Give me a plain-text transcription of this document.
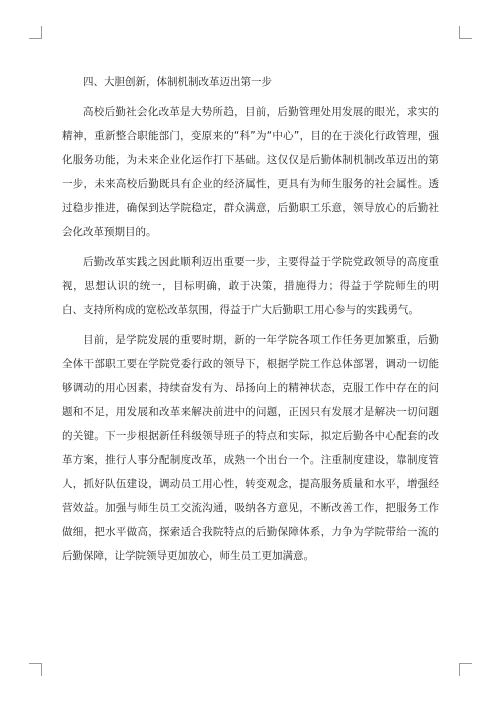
四、大胆创新，体制机制改革迈出第一步

高校后勤社会化改革是大势所趋，目前，后勤管理处用发展的眼光，求实的精神，重新整合职能部门，变原来的“科”为“中心”，目的在于淡化行政管理，强化服务功能，为未来企业化运作打下基础。这仅仅是后勤体制机制改革迈出的第一步，未来高校后勤既具有企业的经济属性，更具有为师生服务的社会属性。透过稳步推进，确保到达学院稳定，群众满意，后勤职工乐意，领导放心的后勤社会化改革预期目的。

后勤改革实践之因此顺利迈出重要一步，主要得益于学院党政领导的高度重视，思想认识的统一，目标明确，敢于决策，措施得力；得益于学院师生的明白、支持所构成的宽松改革氛围，得益于广大后勤职工用心参与的实践勇气。

目前，是学院发展的重要时期，新的一年学院各项工作任务更加繁重，后勤全体干部职工要在学院党委行政的领导下，根据学院工作总体部署，调动一切能够调动的用心因素，持续奋发有为、昂扬向上的精神状态，克服工作中存在的问题和不足，用发展和改革来解决前进中的问题，正因只有发展才是解决一切问题的关键。下一步根据新任科级领导班子的特点和实际，拟定后勤各中心配套的改革方案，推行人事分配制度改革，成熟一个出台一个。注重制度建设，靠制度管人，抓好队伍建设，调动员工用心性，转变观念，提高服务质量和水平，增强经营效益。加强与师生员工交流沟通，吸纳各方意见，不断改善工作，把服务工作做细，把水平做高，探索适合我院特点的后勤保障体系，力争为学院带给一流的后勤保障，让学院领导更加放心，师生员工更加满意。
